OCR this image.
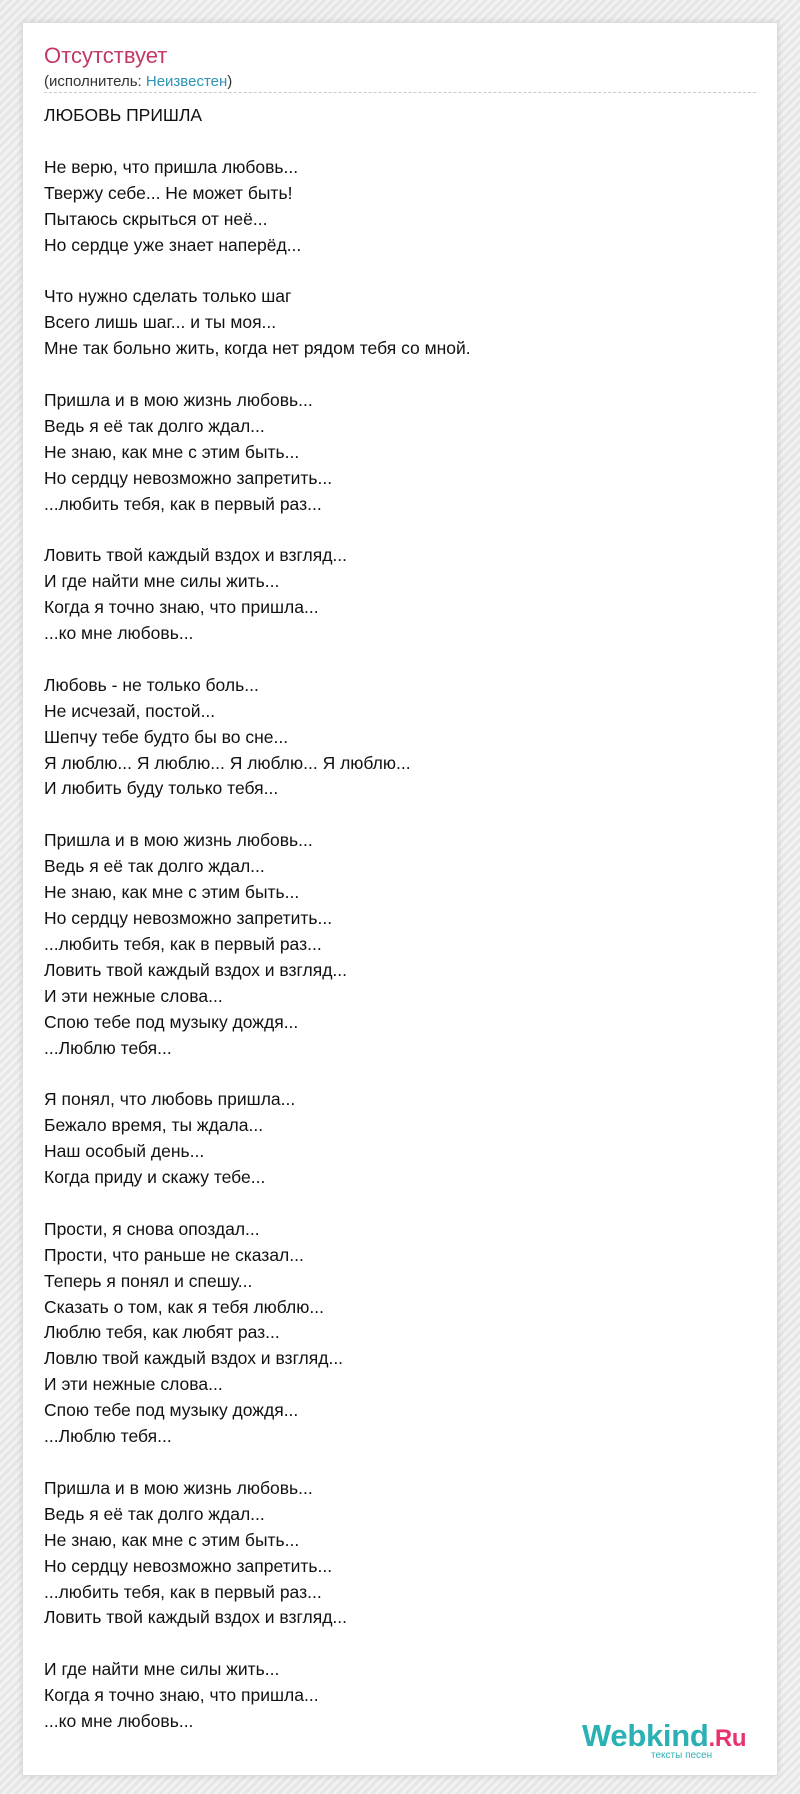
Отсутствует
(исполнитель: Неизвестен)
ЛЮБОВЬ ПРИШЛА
Не верю, что пришла любовь...
Твержу себе... Не может быть!
Пытаюсь скрыться от неё...
Но сердце уже знает наперёд...
Что нужно сделать только шаг
Всего лишь шаг... и ты моя...
Мне так больно жить, когда нет рядом тебя со мной.
Пришла и в мою жизнь любовь...
Ведь я её так долго ждал...
Не знаю, как мне с этим быть...
Но сердцу невозможно запретить...
...любить тебя, как в первый раз...
Ловить твой каждый вздох и взгляд...
И где найти мне силы жить...
Когда я точно знаю, что пришла...
...ко мне любовь...
Любовь - не только боль...
Не исчезай, постой...
Шепчу тебе будто бы во сне...
Я люблю... Я люблю... Я люблю... Я люблю...
И любить буду только тебя...
Пришла и в мою жизнь любовь...
Ведь я её так долго ждал...
Не знаю, как мне с этим быть...
Но сердцу невозможно запретить...
...любить тебя, как в первый раз...
Ловить твой каждый вздох и взгляд...
И эти нежные слова...
Спою тебе под музыку дождя...
...Люблю тебя...
Я понял, что любовь пришла...
Бежало время, ты ждала...
Наш особый день...
Когда приду и скажу тебе...
Прости, я снова опоздал...
Прости, что раньше не сказал...
Теперь я понял и спешу...
Сказать о том, как я тебя люблю...
Люблю тебя, как любят раз...
Ловлю твой каждый вздох и взгляд...
И эти нежные слова...
Спою тебе под музыку дождя...
...Люблю тебя...
Пришла и в мою жизнь любовь...
Ведь я её так долго ждал...
Не знаю, как мне с этим быть...
Но сердцу невозможно запретить...
...любить тебя, как в первый раз...
Ловить твой каждый вздох и взгляд...
И где найти мне силы жить...
Когда я точно знаю, что пришла...
...ко мне любовь...	Webkind.Ru
тексты песен
